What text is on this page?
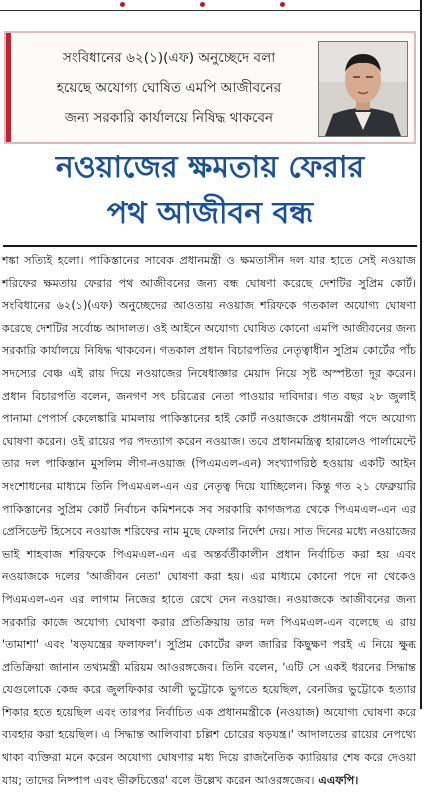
সংবিধানের ৬২(১)(এফ) অনুচ্ছেদে বলা
হয়েছে অযোগ্য ঘোষিত এমপি আজীবনের
জন্য সরকারি কার্যালয়ে নিষিদ্ধ থাকবেন
নওয়াজের ক্ষমতায় ফেরার
পথ আজীবন বন্ধ

শঙ্কা সত্যিই হলো। পাকিস্তানের সাবেক প্রধানমন্ত্রী ও ক্ষমতাসীন দল যার হাতে সেই নওয়াজ শরিফের ক্ষমতায় ফেরার পথ আজীবনের জন্য বন্ধ ঘোষণা করেছে দেশটির সুপ্রিম কোর্ট। সংবিধানের ৬২(১)(এফ) অনুচ্ছেদের আওতায় নওয়াজ শরিফকে গতকাল অযোগ্য ঘোষণা করেছে দেশটির সর্বোচ্চ আদালত। ওই আইনে অযোগ্য ঘোষিত কোনো এমপি আজীবনের জন্য সরকারি কার্যালয়ে নিষিদ্ধ থাকবেন। গতকাল প্রধান বিচারপতির নেতৃত্বাধীন সুপ্রিম কোর্টের পাঁচ সদস্যের বেঞ্চ এই রায় দিয়ে নওয়াজের নিষেধাজ্ঞার মেয়াদ নিয়ে সৃষ্ট অস্পষ্টতা দূর করেন। প্রধান বিচারপতি বলেন, জনগণ সৎ চরিত্রের নেতা পাওয়ার দাবিদার। গত বছর ২৮ জুলাই পানামা পেপার্স কেলেঙ্কারি মামলায় পাকিস্তানের হাই কোর্ট নওয়াজকে প্রধানমন্ত্রী পদে অযোগ্য ঘোষণা করেন। ওই রায়ের পর পদত্যাগ করেন নওয়াজ। তবে প্রধানমন্ত্রিত্ব হারালেও পার্লামেন্টে তার দল পাকিস্তান মুসলিম লীগ-নওয়াজ (পিএমএল-এন) সংখ্যাগরিষ্ঠ হওয়ায় একটি আইন সংশোধনের মাধ্যমে তিনি পিএমএল-এন এর নেতৃত্ব দিয়ে যাচ্ছিলেন। কিন্তু গত ২১ ফেব্রুয়ারি পাকিস্তানের সুপ্রিম কোর্ট নির্বাচন কমিশনকে সব সরকারি কাগজপত্র থেকে পিএমএল-এন এর প্রেসিডেন্ট হিসেবে নওয়াজ শরিফের নাম মুছে ফেলার নির্দেশ দেয়। সাত দিনের মধ্যে নওয়াজের ভাই শাহবাজ শরিফকে পিএমএল-এন এর অন্তর্বর্তীকালীন প্রধান নির্বাচিত করা হয় এবং নওয়াজকে দলের 'আজীবন নেতা' ঘোষণা করা হয়। এর মাধ্যমে কোনো পদে না থেকেও পিএমএল-এন এর লাগাম নিজের হাতে রেখে দেন নওয়াজ। নওয়াজকে আজীবনের জন্য সরকারি কাজে অযোগ্য ঘোষণা করার প্রতিক্রিয়ায় তার দল পিএমএল-এন বলেছে এ রায় 'তামাশা' এবং 'ষড়যন্ত্রের ফলাফল'। সুপ্রিম কোর্টের রুল জারির কিছুক্ষণ পরই এ নিয়ে ক্ষুব্ধ প্রতিক্রিয়া জানান তথ্যমন্ত্রী মরিয়ম আওরঙ্গজেব। তিনি বলেন, 'এটি সে একই ধরনের সিদ্ধান্ত যেগুলোকে কেন্দ্র করে জুলফিকার আলী ভুট্টোকে ভুগতে হয়েছিল, বেনজির ভুট্টোকে হত্যার শিকার হতে হয়েছিল এবং তারপর নির্বাচিত এক প্রধানমন্ত্রীকে (নওয়াজ) অযোগ্য ঘোষণা করে ব্যবহার করা হয়েছিল। এ সিদ্ধান্ত আলিবাবা চল্লিশ চোরের ষড়যন্ত্র।' আদালতের রায়ের নেপথ্যে থাকা ব্যক্তিরা মনে করেন অযোগ্য ঘোষণার মধ্য দিয়ে রাজনৈতিক ক্যারিয়ার শেষ করে দেওয়া যায়; তাদের নিষ্পাপ এবং ভীরুচিত্তের' বলে উল্লেখ করেন আওরঙ্গজেব। এএফপি।
